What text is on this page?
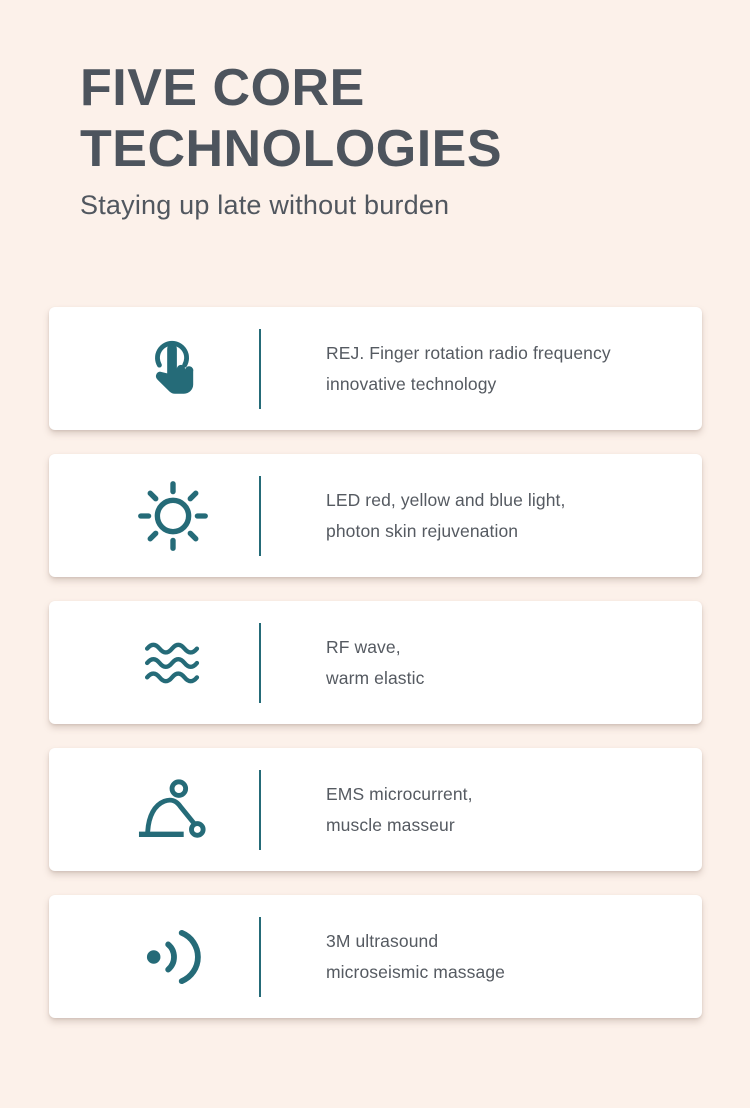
FIVE CORE
TECHNOLOGIES
Staying up late without burden
REJ. Finger rotation radio frequency
innovative technology
LED red, yellow and blue light,
photon skin rejuvenation
RF wave,
warm elastic
EMS microcurrent,
muscle masseur
3M ultrasound
microseismic massage
